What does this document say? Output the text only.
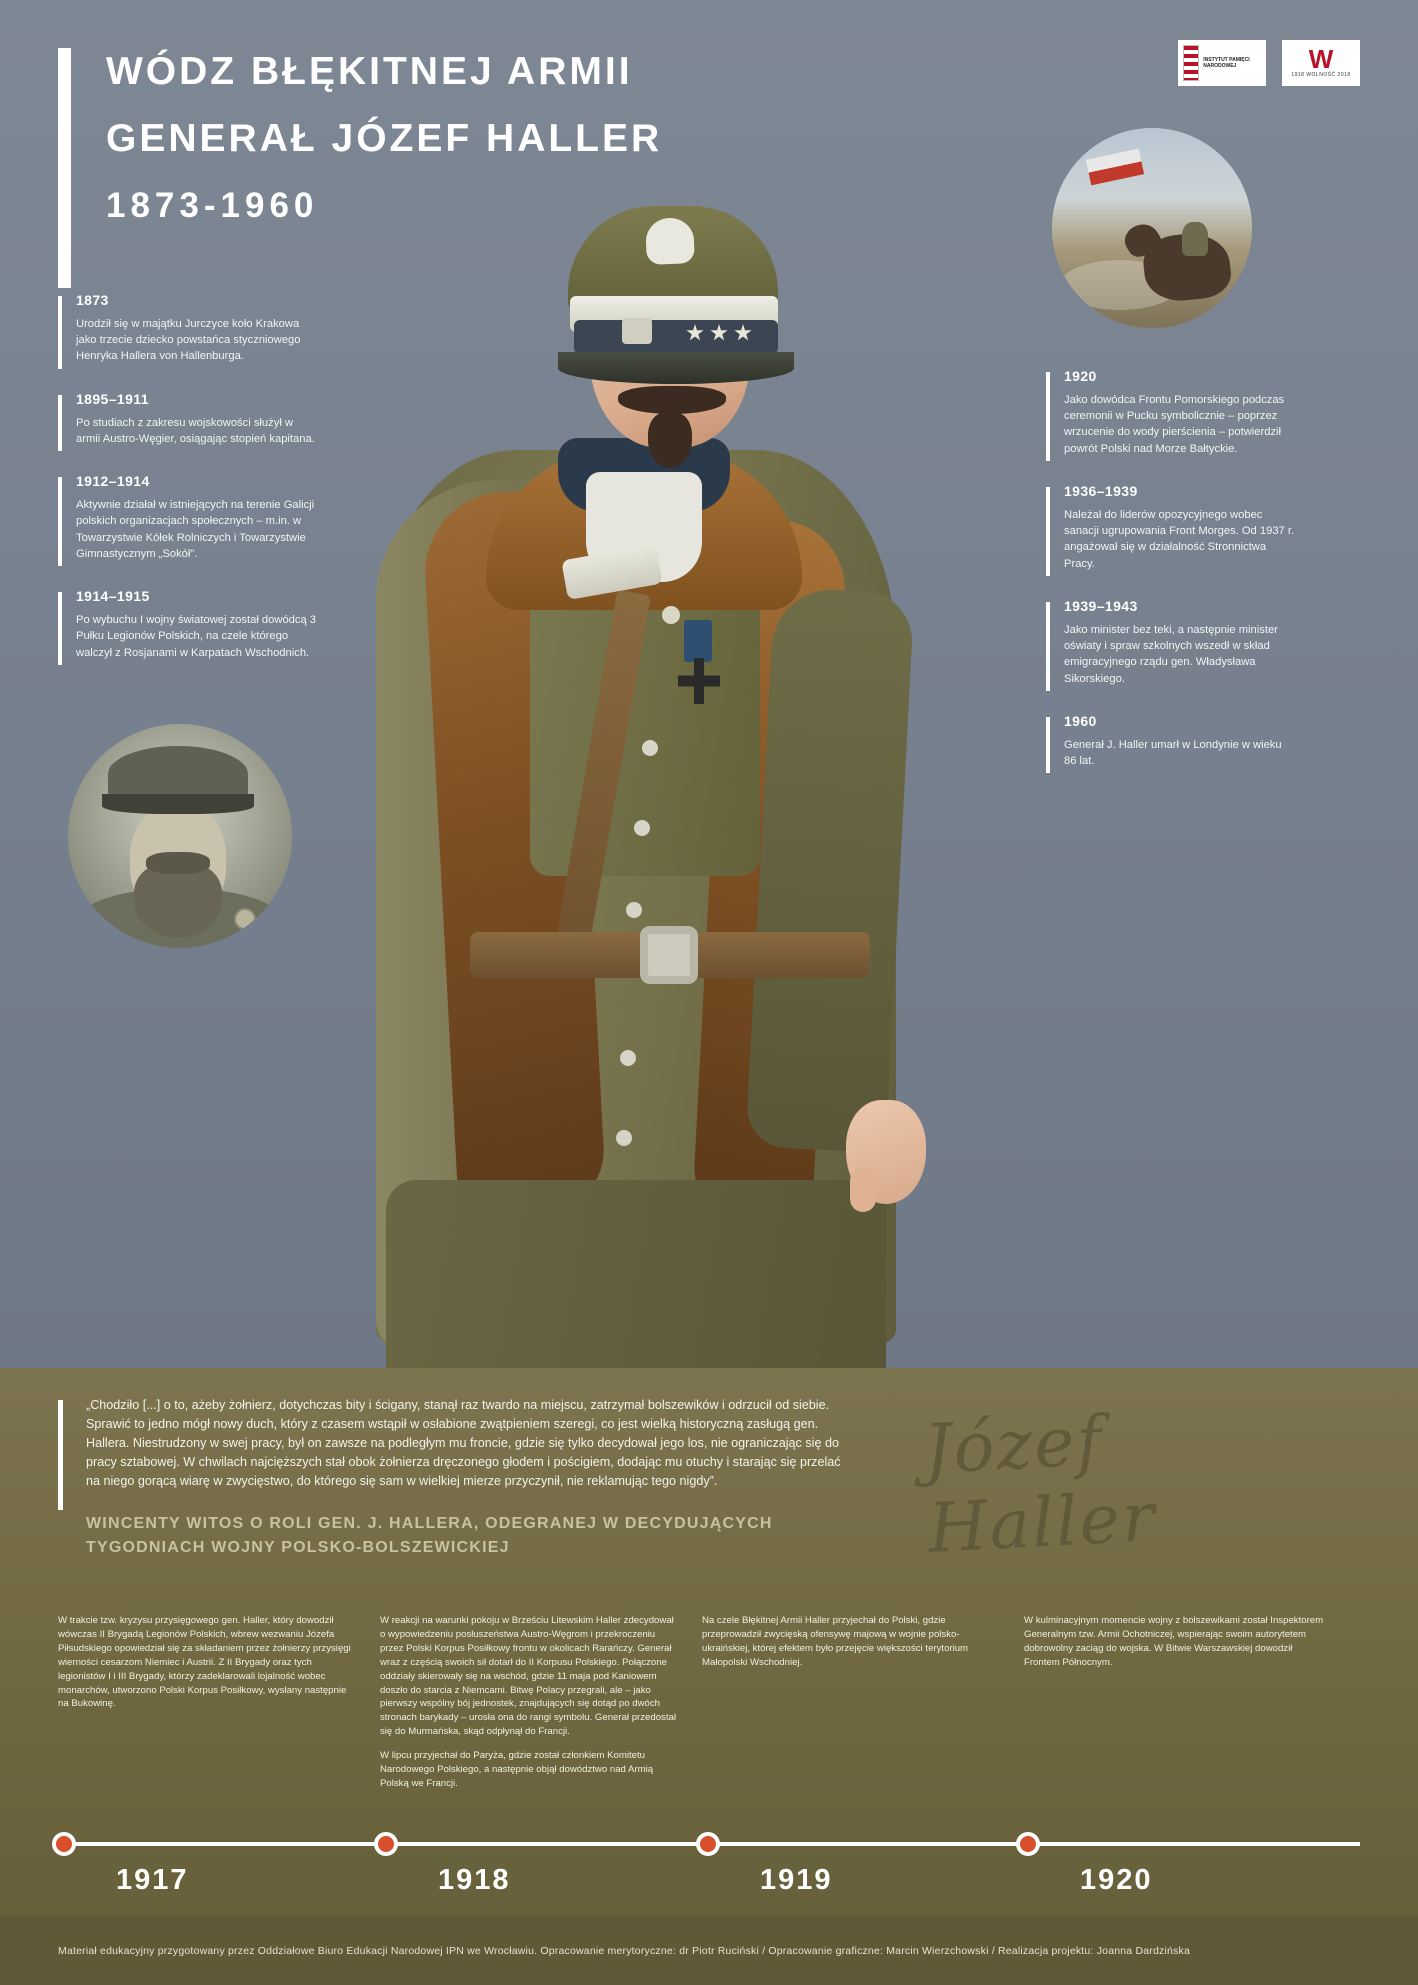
WÓDZ BŁĘKITNEJ ARMII
GENERAŁ JÓZEF HALLER
1873-1960
INSTYTUT PAMIĘCI NARODOWEJ	W
1918 WOLNOŚĆ 2018
1873
Urodził się w majątku Jurczyce koło Krakowa jako trzecie dziecko powstańca styczniowego Henryka Hallera von Hallenburga.
1895–1911
Po studiach z zakresu wojskowości służył w armii Austro-Węgier, osiągając stopień kapitana.
1912–1914
Aktywnie działał w istniejących na terenie Galicji polskich organizacjach społecznych – m.in. w Towarzystwie Kółek Rolniczych i Towarzystwie Gimnastycznym „Sokół”.
1914–1915
Po wybuchu I wojny światowej został dowódcą 3 Pułku Legionów Polskich, na czele którego walczył z Rosjanami w Karpatach Wschodnich.
1920
Jako dowódca Frontu Pomorskiego podczas ceremonii w Pucku symbolicznie – poprzez wrzucenie do wody pierścienia – potwierdził powrót Polski nad Morze Bałtyckie.
1936–1939
Należał do liderów opozycyjnego wobec sanacji ugrupowania Front Morges. Od 1937 r. angażował się w działalność Stronnictwa Pracy.
1939–1943
Jako minister bez teki, a następnie minister oświaty i spraw szkolnych wszedł w skład emigracyjnego rządu gen. Władysława Sikorskiego.
1960
Generał J. Haller umarł w Londynie w wieku 86 lat.
„Chodziło [...] o to, ażeby żołnierz, dotychczas bity i ścigany, stanął raz twardo na miejscu, zatrzymał bolszewików i odrzucił od siebie. Sprawić to jedno mógł nowy duch, który z czasem wstąpił w osłabione zwątpieniem szeregi, co jest wielką historyczną zasługą gen. Hallera. Niestrudzony w swej pracy, był on zawsze na podległym mu froncie, gdzie się tylko decydował jego los, nie ograniczając się do pracy sztabowej. W chwilach najcięższych stał obok żołnierza dręczonego głodem i pościgiem, dodając mu otuchy i starając się przelać na niego gorącą wiarę w zwycięstwo, do którego się sam w wielkiej mierze przyczynił, nie reklamując tego nigdy”.
WINCENTY WITOS O ROLI GEN. J. HALLERA, ODEGRANEJ W DECYDUJĄCYCH TYGODNIACH WOJNY POLSKO-BOLSZEWICKIEJ
Józef Haller

W trakcie tzw. kryzysu przysięgowego gen. Haller, który dowodził wówczas II Brygadą Legionów Polskich, wbrew wezwaniu Józefa Piłsudskiego opowiedział się za składaniem przez żołnierzy przysięgi wierności cesarzom Niemiec i Austrii. Z II Brygady oraz tych legionistów I i III Brygady, którzy zadeklarowali lojalność wobec monarchów, utworzono Polski Korpus Posiłkowy, wysłany następnie na Bukowinę.

W reakcji na warunki pokoju w Brześciu Litewskim Haller zdecydował o wypowiedzeniu posłuszeństwa Austro-Węgrom i przekroczeniu przez Polski Korpus Posiłkowy frontu w okolicach Rarańczy. Generał wraz z częścią swoich sił dotarł do II Korpusu Polskiego. Połączone oddziały skierowały się na wschód, gdzie 11 maja pod Kaniowem doszło do starcia z Niemcami. Bitwę Polacy przegrali, ale – jako pierwszy wspólny bój jednostek, znajdujących się dotąd po dwóch stronach barykady – urosła ona do rangi symbolu. Generał przedostał się do Murmańska, skąd odpłynął do Francji.

W lipcu przyjechał do Paryża, gdzie został członkiem Komitetu Narodowego Polskiego, a następnie objął dowództwo nad Armią Polską we Francji.

Na czele Błękitnej Armii Haller przyjechał do Polski, gdzie przeprowadził zwycięską ofensywę majową w wojnie polsko-ukraińskiej, której efektem było przejęcie większości terytorium Małopolski Wschodniej.

W kulminacyjnym momencie wojny z bolszewikami został Inspektorem Generalnym tzw. Armii Ochotniczej, wspierając swoim autorytetem dobrowolny zaciąg do wojska. W Bitwie Warszawskiej dowodził Frontem Północnym.

1917	1918	1919	1920
Materiał edukacyjny przygotowany przez Oddziałowe Biuro Edukacji Narodowej IPN we Wrocławiu. Opracowanie merytoryczne: dr Piotr Ruciński / Opracowanie graficzne: Marcin Wierzchowski / Realizacja projektu: Joanna Dardzińska
